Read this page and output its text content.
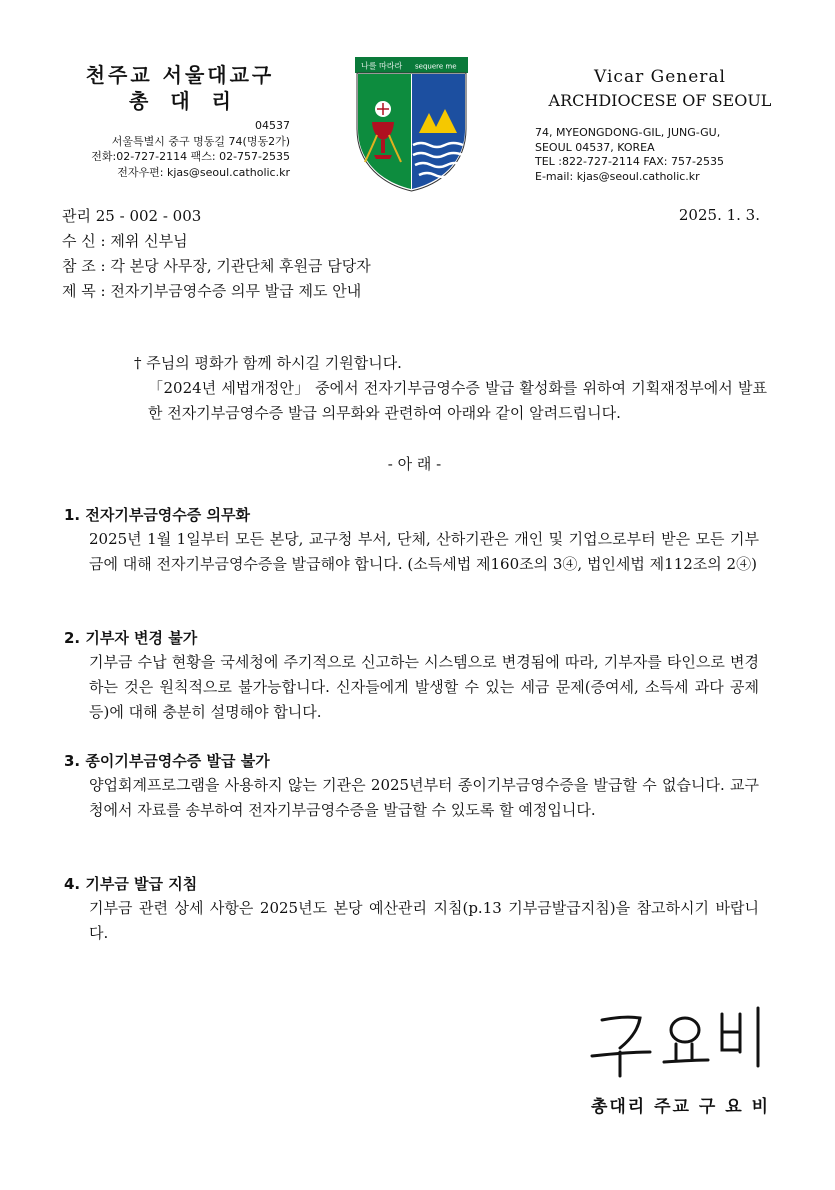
천주교 서울대교구
총대리
04537
서울특별시 중구 명동길 74(명동2가)
전화:02-727-2114 팩스: 02-757-2535
전자우편: kjas@seoul.catholic.kr
나를 따라라 sequere me
Vicar General
ARCHDIOCESE OF SEOUL
74, MYEONGDONG-GIL, JUNG-GU,
SEOUL 04537, KOREA
TEL :822-727-2114 FAX: 757-2535
E-mail: kjas@seoul.catholic.kr
관리 25 - 002 - 003	2025. 1. 3.
수 신 : 제위 신부님
참 조 : 각 본당 사무장, 기관단체 후원금 담당자
제 목 : 전자기부금영수증 의무 발급 제도 안내
† 주님의 평화가 함께 하시길 기원합니다.
「2024년 세법개정안」 중에서 전자기부금영수증 발급 활성화를 위하여 기획재정부에서 발표한 전자기부금영수증 발급 의무화와 관련하여 아래와 같이 알려드립니다.
- 아 래 -
1. 전자기부금영수증 의무화
2025년 1월 1일부터 모든 본당, 교구청 부서, 단체, 산하기관은 개인 및 기업으로부터 받은 모든 기부금에 대해 전자기부금영수증을 발급해야 합니다. (소득세법 제160조의 3④, 법인세법 제112조의 2④)
2. 기부자 변경 불가
기부금 수납 현황을 국세청에 주기적으로 신고하는 시스템으로 변경됨에 따라, 기부자를 타인으로 변경하는 것은 원칙적으로 불가능합니다. 신자들에게 발생할 수 있는 세금 문제(증여세, 소득세 과다 공제 등)에 대해 충분히 설명해야 합니다.
3. 종이기부금영수증 발급 불가
양업회계프로그램을 사용하지 않는 기관은 2025년부터 종이기부금영수증을 발급할 수 없습니다. 교구청에서 자료를 송부하여 전자기부금영수증을 발급할 수 있도록 할 예정입니다.
4. 기부금 발급 지침
기부금 관련 상세 사항은 2025년도 본당 예산관리 지침(p.13 기부금발급지침)을 참고하시기 바랍니다.
총대리 주교 구 요 비
